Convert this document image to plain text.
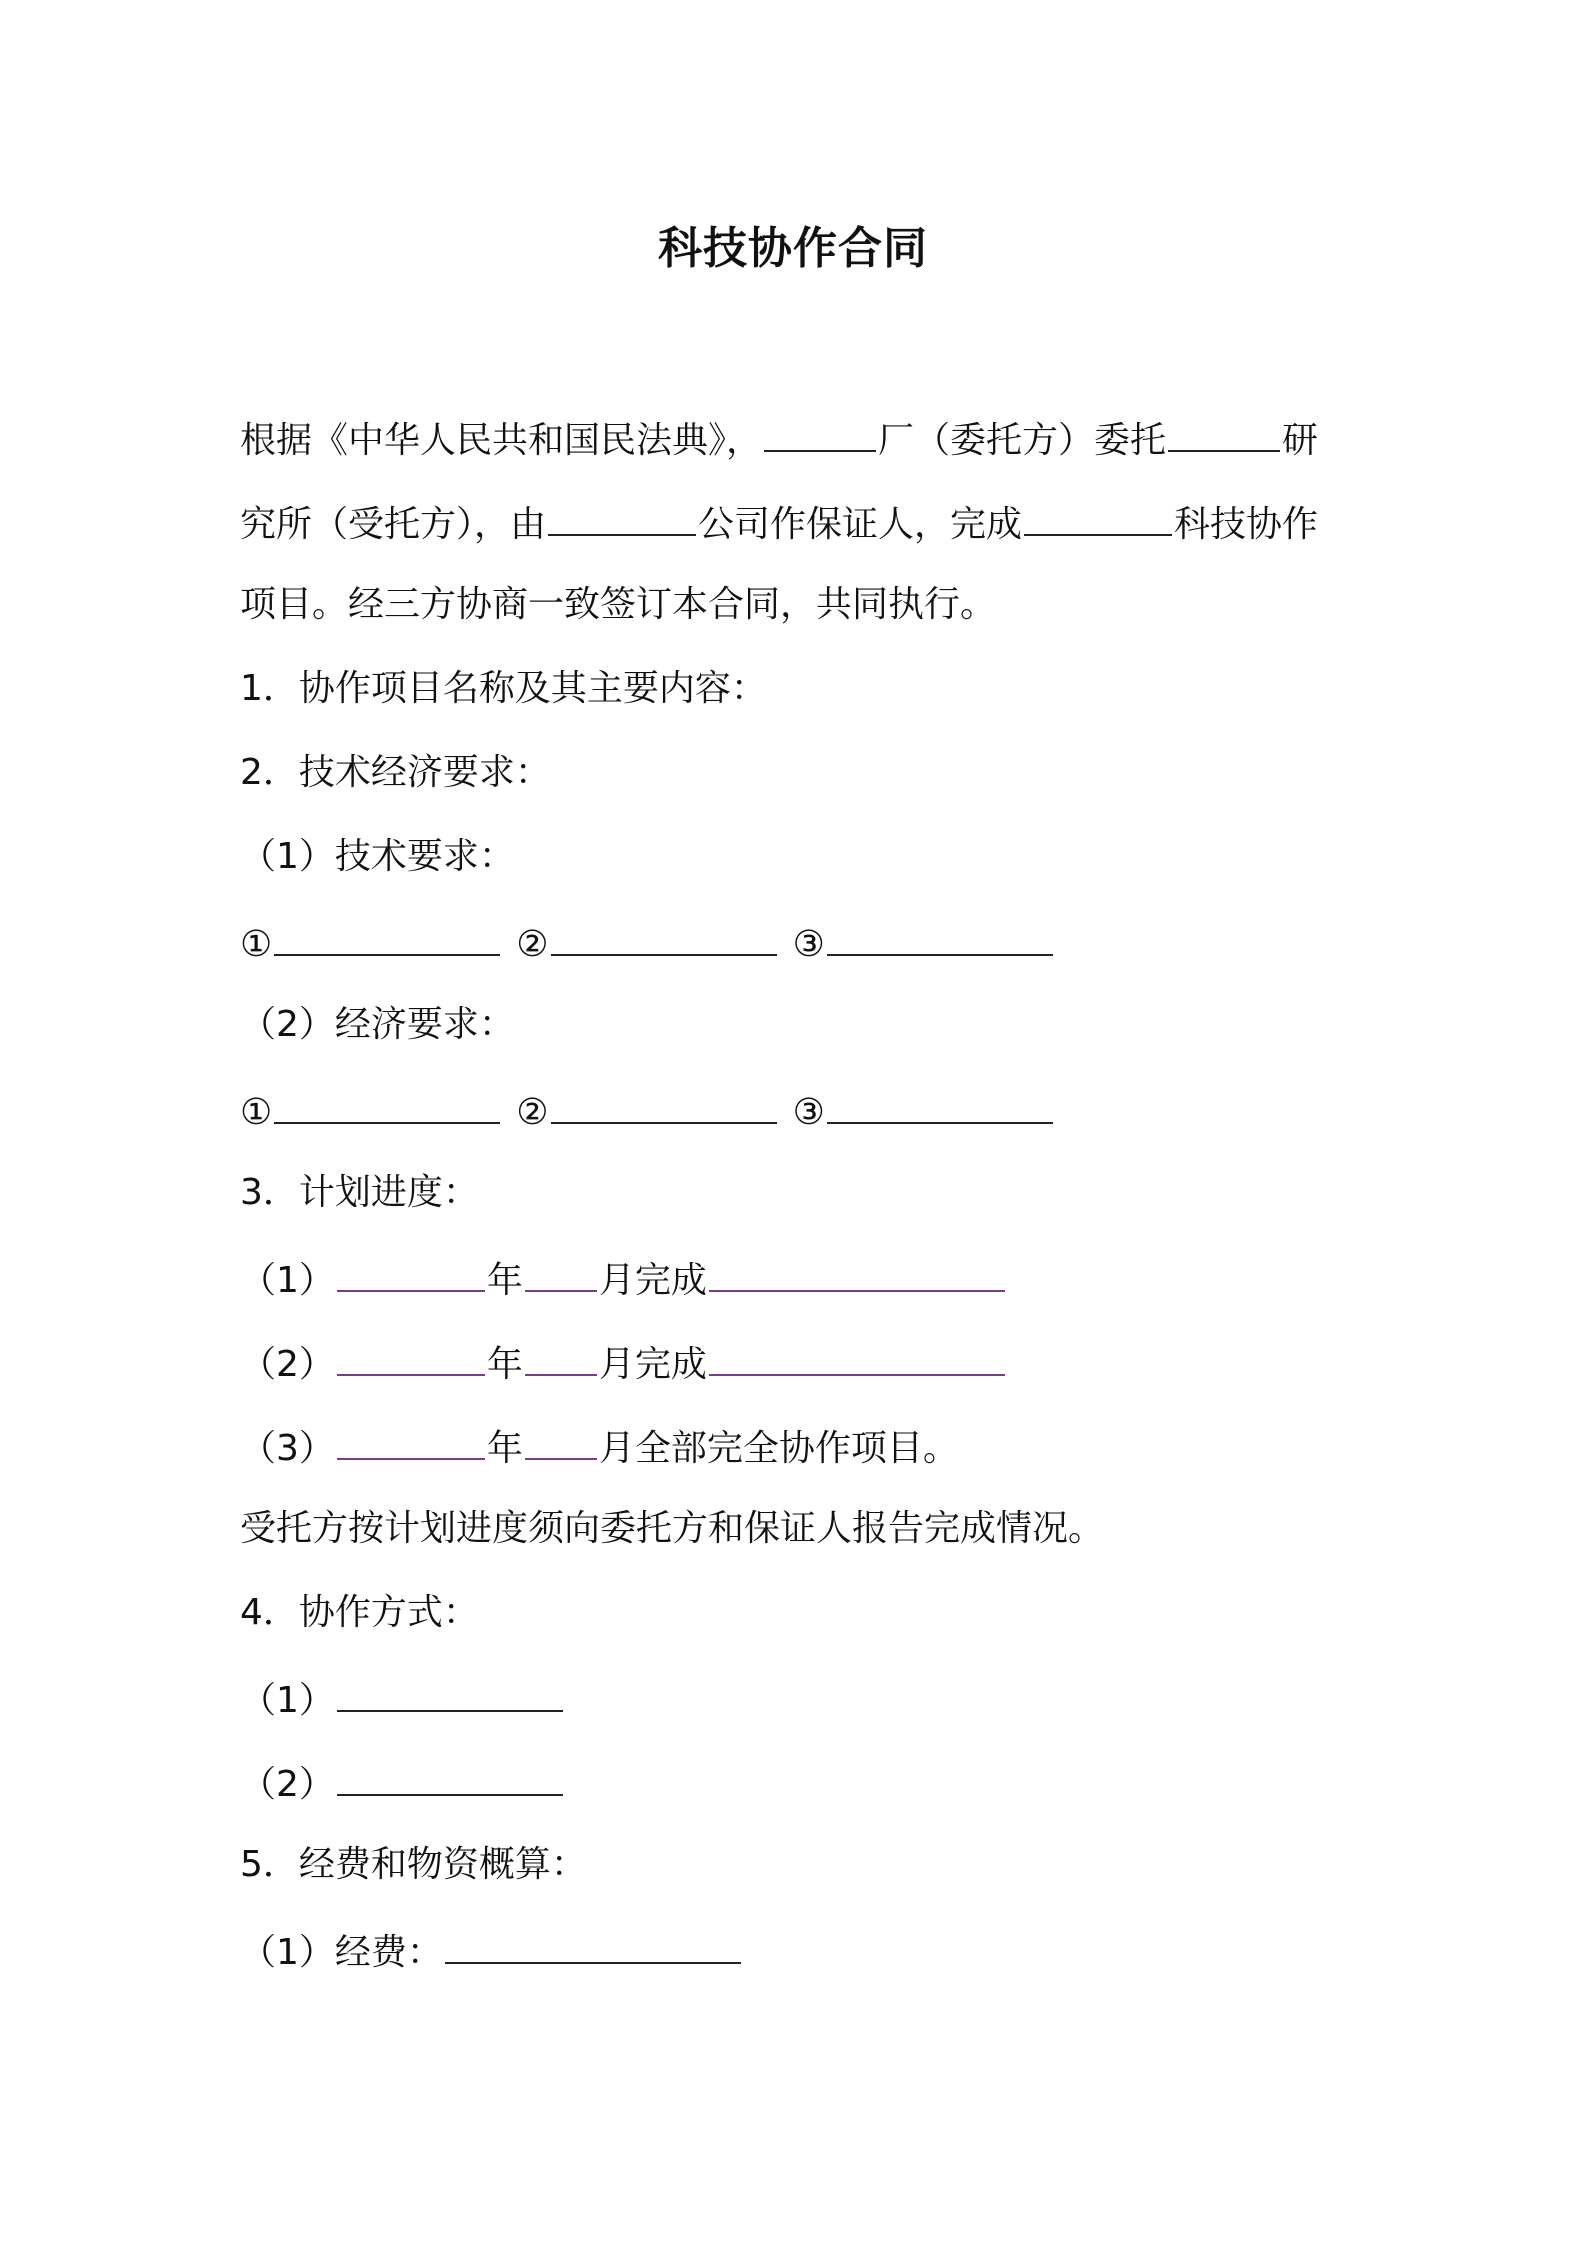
科技协作合同
根据《中华人民共和国民法典》，	厂（委托方）委托	研
究所（受托方），由	公司作保证人，完成	科技协作
项目。经三方协商一致签订本合同，共同执行。
1．协作项目名称及其主要内容：
2．技术经济要求：
（1）技术要求：
①	②	③
（2）经济要求：
①	②	③
3．计划进度：
（1）	年 月完成
（2）	年 月完成
（3）	年 月全部完全协作项目。
受托方按计划进度须向委托方和保证人报告完成情况。
4．协作方式：
（1）
（2）
5．经费和物资概算：
（1）经费：
